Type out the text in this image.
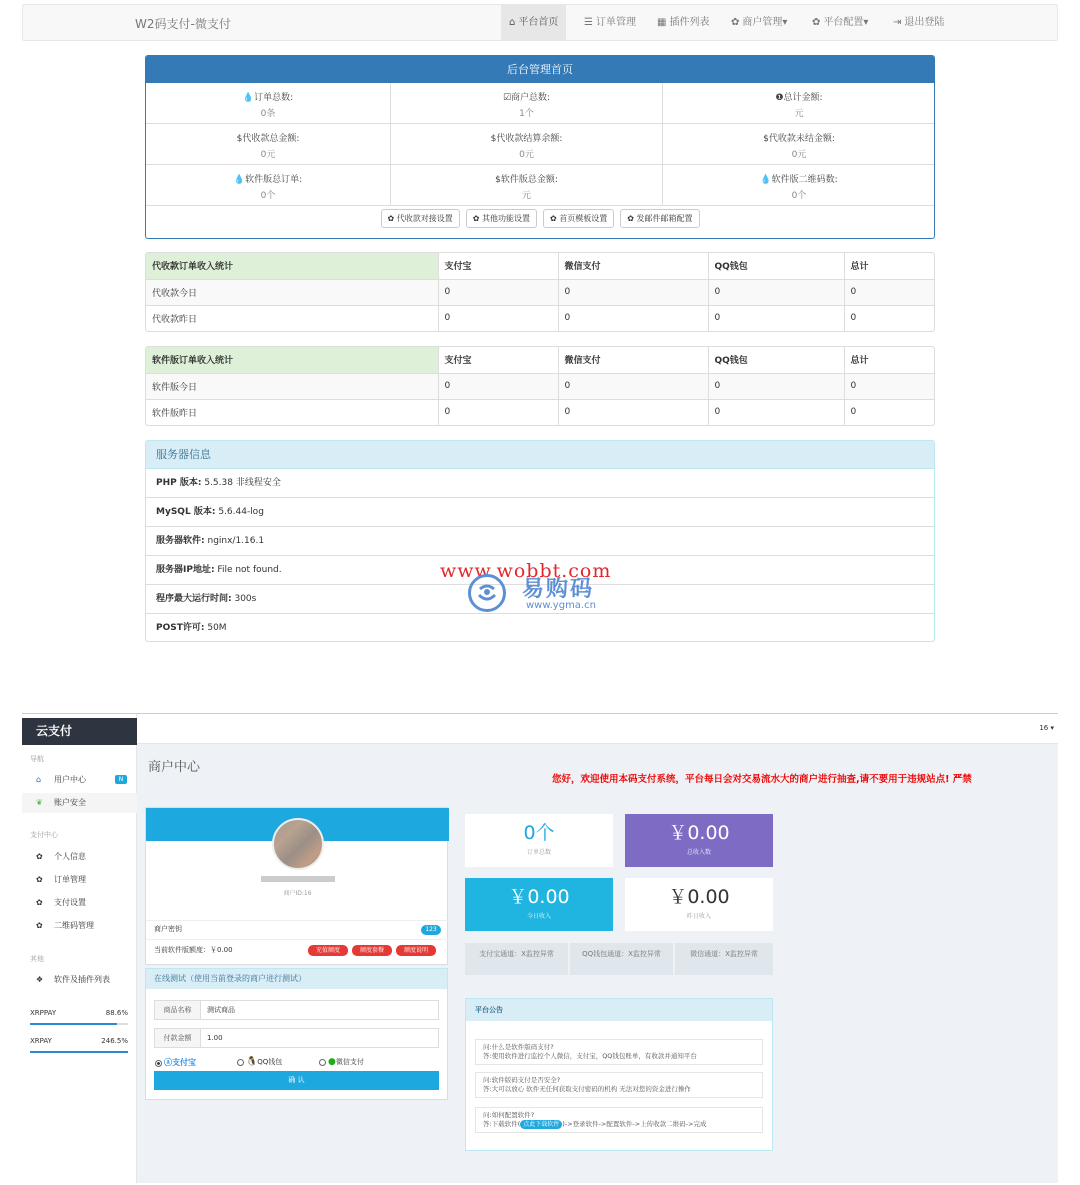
W2码支付-微支付	⌂ 平台首页	☰ 订单管理	▦ 插件列表	✿ 商户管理▾	✿ 平台配置▾	⇥ 退出登陆
后台管理首页
💧订单总数:
0条
☑商户总数:
1个
❶总计金额:
元
$代收款总金额:
0元
$代收款结算余额:
0元
$代收款未结金额:
0元
💧软件版总订单:
0个
$软件版总金额:
元
💧软件版二维码数:
0个
✿ 代收款对接设置	✿ 其他功能设置	✿ 首页模板设置	✿ 发邮件邮箱配置
代收款订单收入统计	支付宝	微信支付	QQ钱包	总计
代收款今日	0	0	0	0
代收款昨日	0	0	0	0
软件版订单收入统计	支付宝	微信支付	QQ钱包	总计
软件版今日	0	0	0	0
软件版昨日	0	0	0	0
服务器信息
PHP 版本: 5.5.38 非线程安全
MySQL 版本: 5.6.44-log
服务器软件: nginx/1.16.1
服务器IP地址: File not found.
程序最大运行时间: 300s
POST许可: 50M
www.wobbt.com
易购码
www.ygma.cn
云支付
导航
⌂ 用户中心	N
❦ 账户安全
支付中心
✿ 个人信息
✿ 订单管理
✿ 支付设置
✿ 二维码管理
其他
❖ 软件及插件列表
XRPPAY	88.6%
XRPAY	246.5%
16 ▾
商户中心
您好，欢迎使用本码支付系统，平台每日会对交易流水大的商户进行抽查,请不要用于违规站点! 严禁
商户ID:16
商户密钥	123
当前软件版额度：￥0.00	充值额度	额度套餐	额度说明
在线测试（使用当前登录的商户进行测试）
商品名称	测试商品
付款金额	1.00
ⓐ支付宝	🐧QQ钱包	●微信支付
确 认
0个
订单总数
￥0.00
总收入数
￥0.00
今日收入
￥0.00
昨日收入
支付宝通道：X监控异常	QQ钱包通道：X监控异常	微信通道：X监控异常
平台公告
问:什么是软件版码支付?
答:使用软件进行监控个人微信，支付宝，QQ钱包账单，有收款并通知平台
问:软件版码支付是否安全?
答:大可以放心 软件无任何获取支付密码的机构 无法对您的资金进行操作
问:如何配置软件?
答:下载软件( 点此下载软件 )->登录软件->配置软件->上传收款二维码->完成
